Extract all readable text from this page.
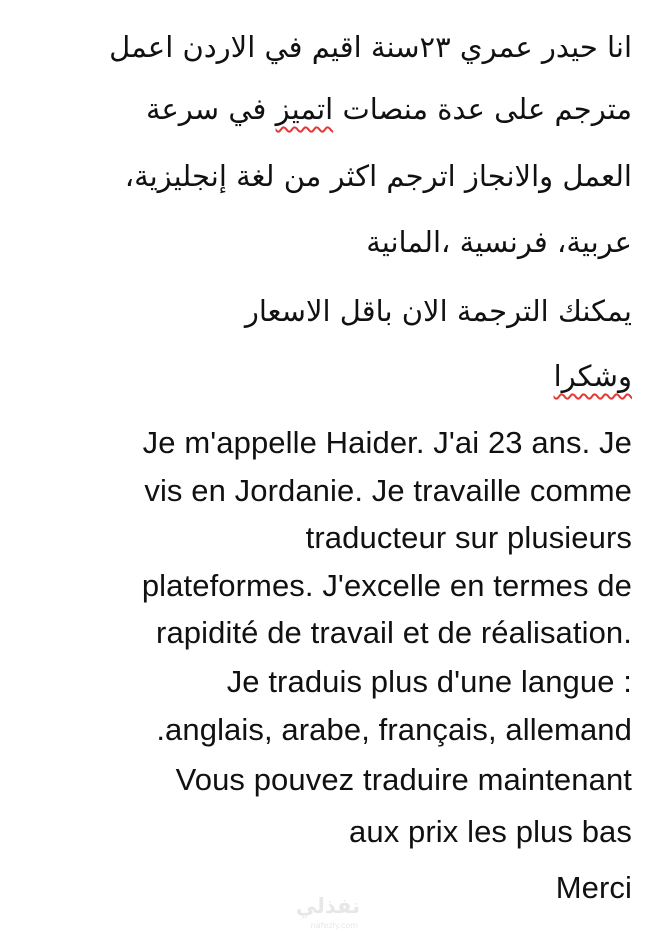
انا حيدر عمري ٢٣سنة اقيم في الاردن اعمل
مترجم على عدة منصات اتميز في سرعة
العمل والانجاز اترجم اكثر من لغة إنجليزية،
عربية، فرنسية ،المانية
يمكنك الترجمة الان باقل الاسعار
وشكرا
Je m'appelle Haider. J'ai 23 ans. Je
vis en Jordanie. Je travaille comme
traducteur sur plusieurs
plateformes. J'excelle en termes de
rapidité de travail et de réalisation.
Je traduis plus d'une langue :
.anglais, arabe, français, allemand
Vous pouvez traduire maintenant
aux prix les plus bas
Merci
نفذلي
nafezly.com
